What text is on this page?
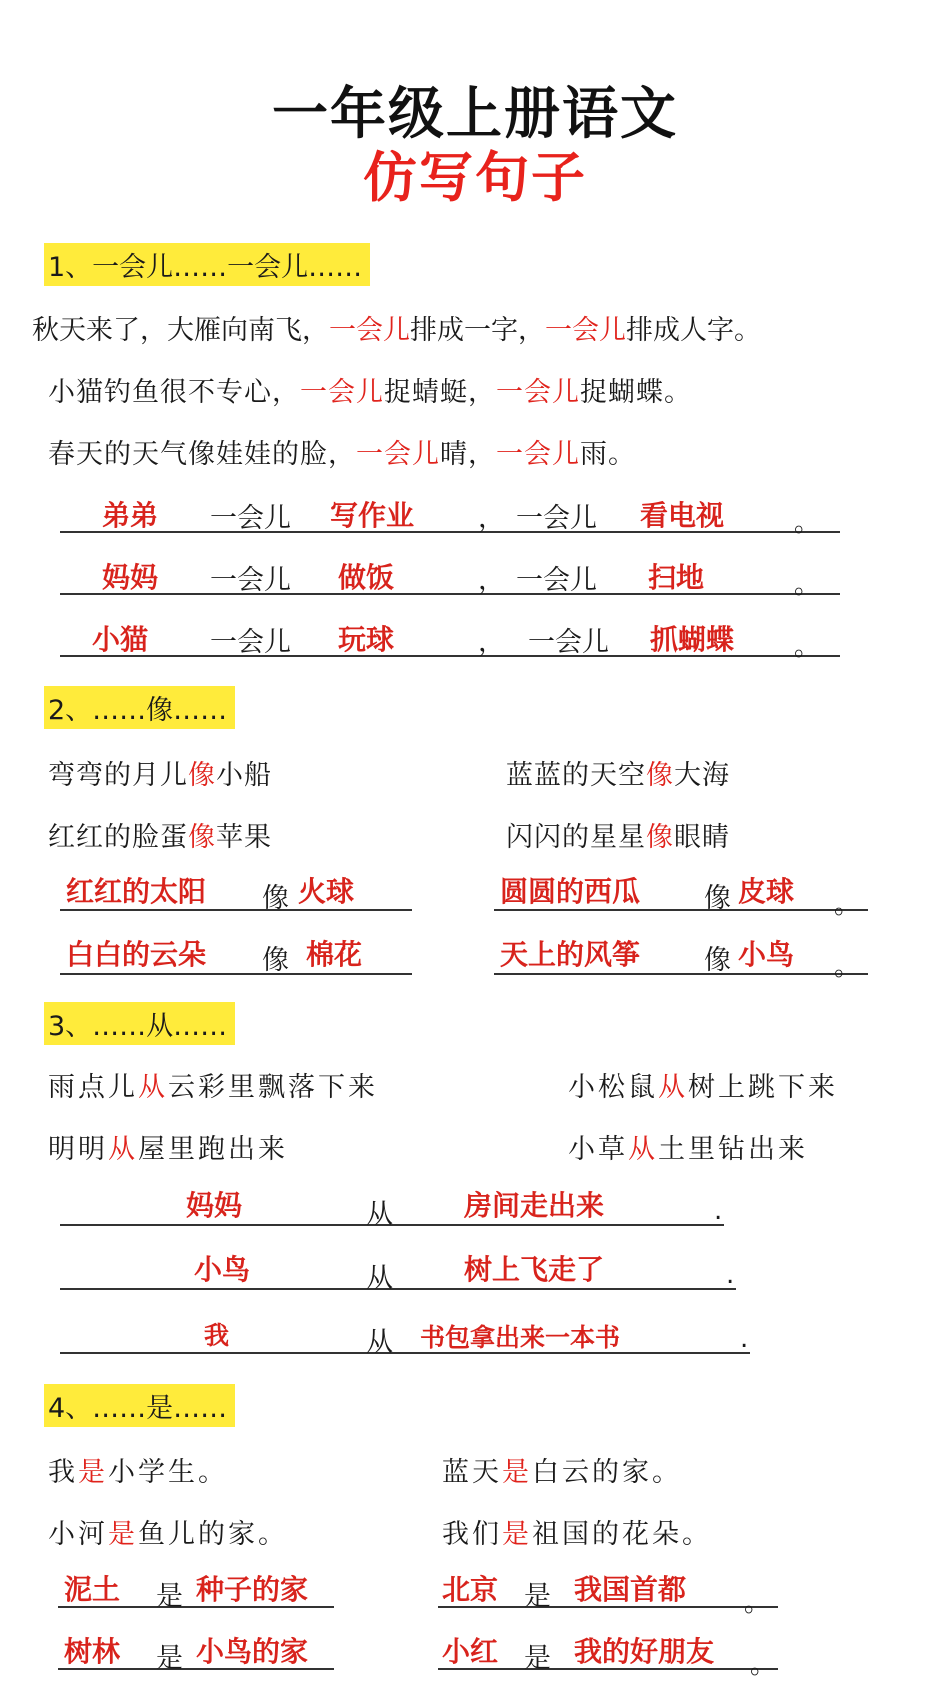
一年级上册语文
仿写句子
1、一会儿……一会儿……
秋天来了，大雁向南飞，一会儿排成一字，一会儿排成人字。
小猫钓鱼很不专心，一会儿捉蜻蜓，一会儿捉蝴蝶。
春天的天气像娃娃的脸，一会儿晴，一会儿雨。
弟弟 一会儿 写作业 ， 一会儿 看电视	。
妈妈 一会儿 做饭	， 一会儿 扫地	。
小猫 一会儿 玩球	， 一会儿 抓蝴蝶 。
2、……像……
弯弯的月儿像小船	蓝蓝的天空像大海
红红的脸蛋像苹果	闪闪的星星像眼睛
红红的太阳 像 火球	圆圆的西瓜 像 皮球 。
白白的云朵 像 棉花	天上的风筝 像 小鸟 。
3、……从……
雨点儿从云彩里飘落下来	小松鼠从树上跳下来
明明从屋里跑出来	小草从土里钻出来
妈妈	从	房间走出来	.
小鸟	从	树上飞走了	.
我	从 书包拿出来一本书	.
4、……是……
我是小学生。	蓝天是白云的家。
小河是鱼儿的家。	我们是祖国的花朵。
泥土 是 种子的家	北京 是 我国首都 。
树林 是 小鸟的家	小红 是 我的好朋友 。
